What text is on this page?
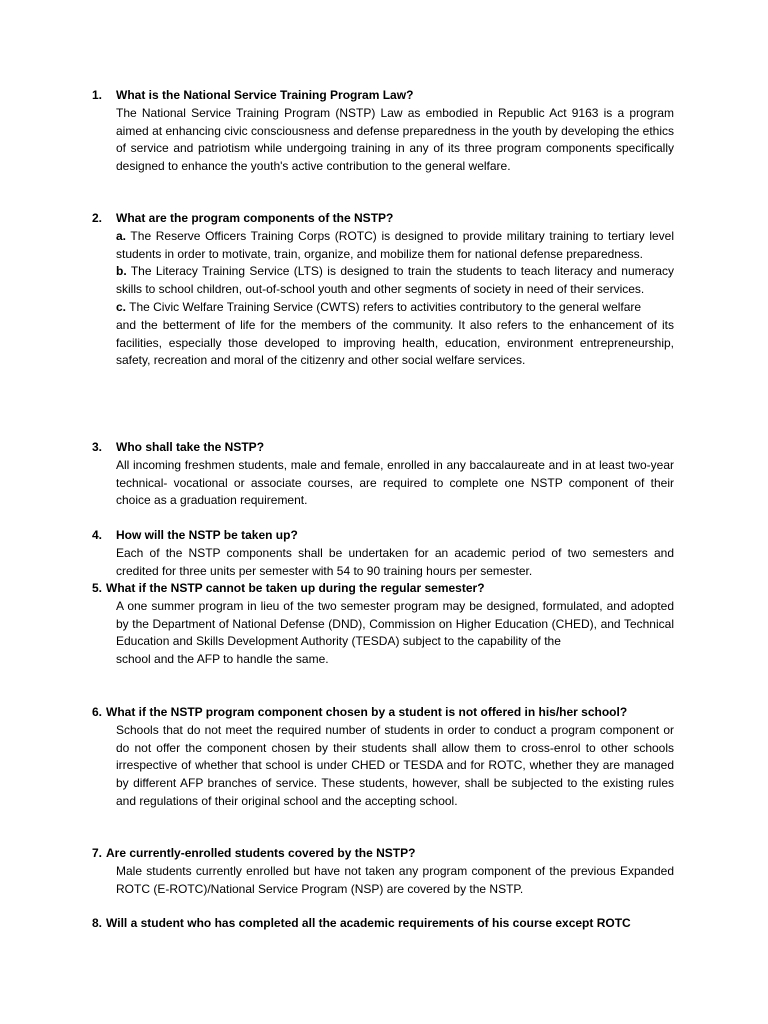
1. What is the National Service Training Program Law?

The National Service Training Program (NSTP) Law as embodied in Republic Act 9163 is a program aimed at enhancing civic consciousness and defense preparedness in the youth by developing the ethics of service and patriotism while undergoing training in any of its three program components specifically designed to enhance the youth's active contribution to the general welfare.

2. What are the program components of the NSTP?

a. The Reserve Officers Training Corps (ROTC) is designed to provide military training to tertiary level students in order to motivate, train, organize, and mobilize them for national defense preparedness.

b. The Literacy Training Service (LTS) is designed to train the students to teach literacy and numeracy skills to school children, out-of-school youth and other segments of society in need of their services.

c. The Civic Welfare Training Service (CWTS) refers to activities contributory to the general welfare

and the betterment of life for the members of the community. It also refers to the enhancement of its facilities, especially those developed to improving health, education, environment entrepreneurship, safety, recreation and moral of the citizenry and other social welfare services.

3. Who shall take the NSTP?

All incoming freshmen students, male and female, enrolled in any baccalaureate and in at least two-year technical- vocational or associate courses, are required to complete one NSTP component of their choice as a graduation requirement.

4. How will the NSTP be taken up?

Each of the NSTP components shall be undertaken for an academic period of two semesters and credited for three units per semester with 54 to 90 training hours per semester.

5. What if the NSTP cannot be taken up during the regular semester?

A one summer program in lieu of the two semester program may be designed, formulated, and adopted by the Department of National Defense (DND), Commission on Higher Education (CHED), and Technical Education and Skills Development Authority (TESDA) subject to the capability of the

school and the AFP to handle the same.

6. What if the NSTP program component chosen by a student is not offered in his/her school?

Schools that do not meet the required number of students in order to conduct a program component or do not offer the component chosen by their students shall allow them to cross-enrol to other schools irrespective of whether that school is under CHED or TESDA and for ROTC, whether they are managed by different AFP branches of service. These students, however, shall be subjected to the existing rules and regulations of their original school and the accepting school.

7. Are currently-enrolled students covered by the NSTP?

Male students currently enrolled but have not taken any program component of the previous Expanded ROTC (E-ROTC)/National Service Program (NSP) are covered by the NSTP.

8. Will a student who has completed all the academic requirements of his course except ROTC
